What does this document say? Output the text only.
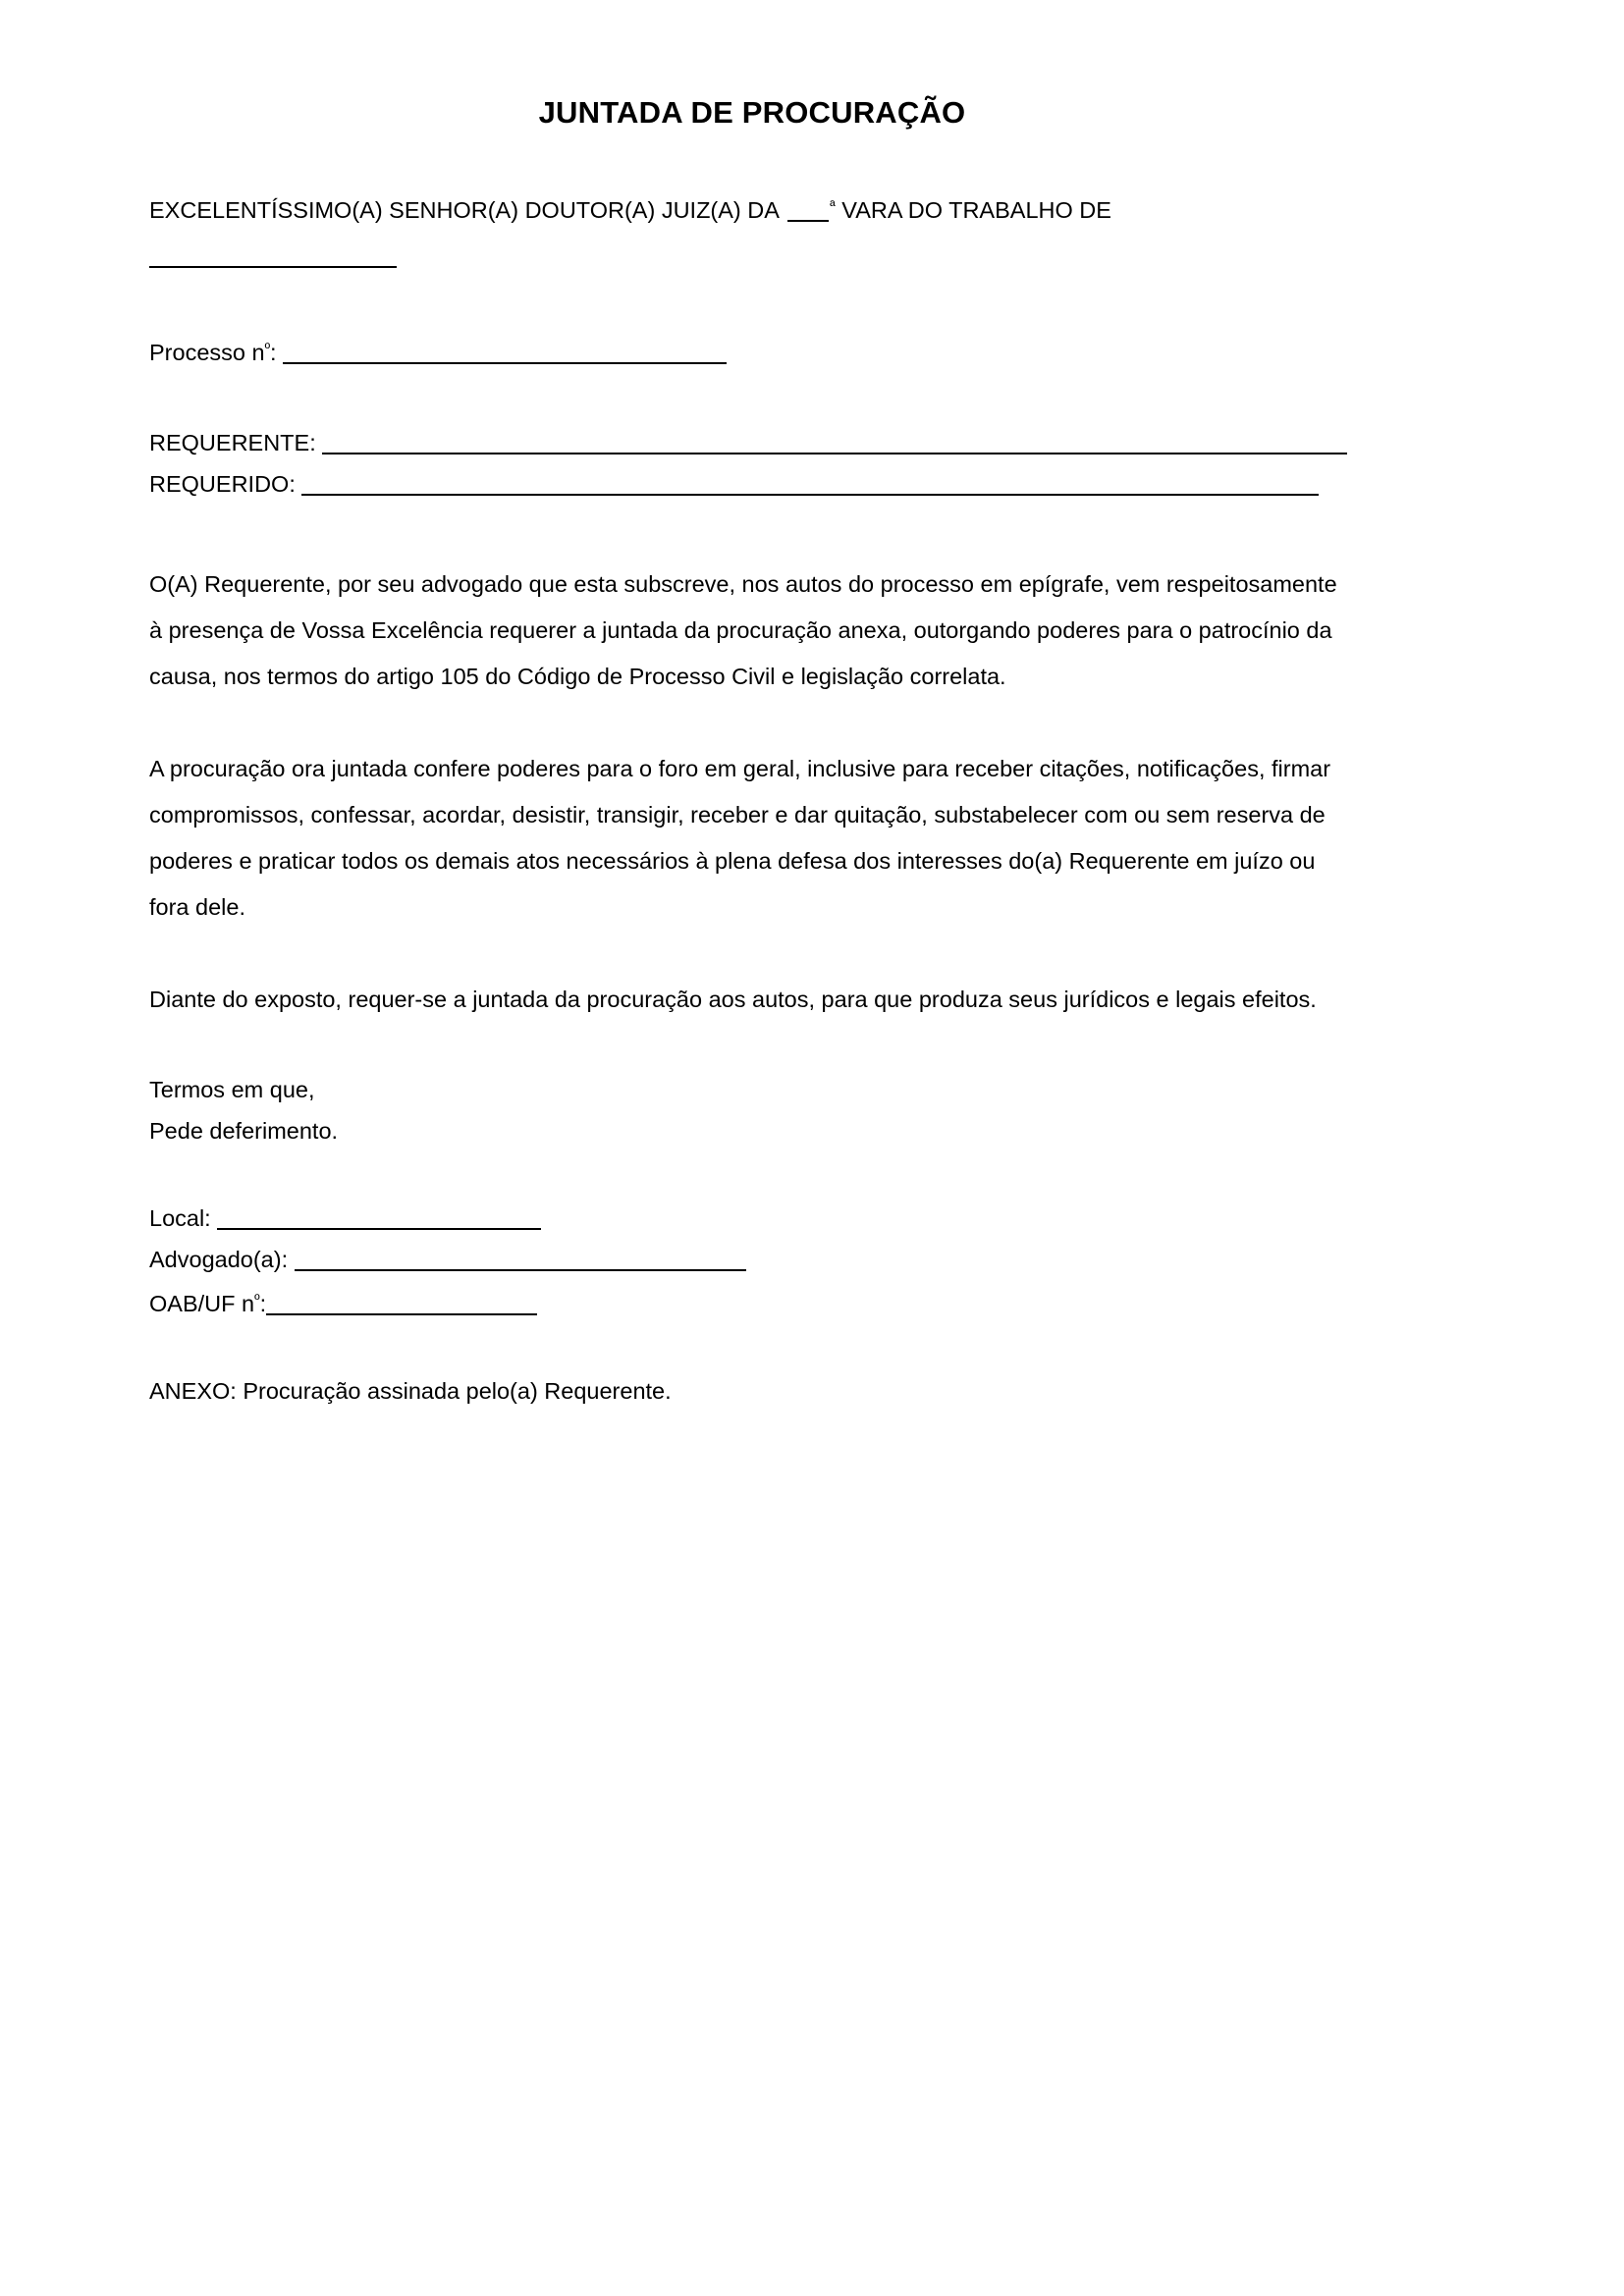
JUNTADA DE PROCURAÇÃO

EXCELENTÍSSIMO(A) SENHOR(A) DOUTOR(A) JUIZ(A) DA	$^ª$ VARA DO TRABALHO DE

Processo $n^º$:

REQUERENTE:

REQUERIDO:

O(A) Requerente, por seu advogado que esta subscreve, nos autos do processo em epígrafe, vem respeitosamente à presença de Vossa Excelência requerer a juntada da procuração anexa, outorgando poderes para o patrocínio da causa, nos termos do artigo 105 do Código de Processo Civil e legislação correlata.

A procuração ora juntada confere poderes para o foro em geral, inclusive para receber citações, notificações, firmar compromissos, confessar, acordar, desistir, transigir, receber e dar quitação, substabelecer com ou sem reserva de poderes e praticar todos os demais atos necessários à plena defesa dos interesses do(a) Requerente em juízo ou fora dele.

Diante do exposto, requer-se a juntada da procuração aos autos, para que produza seus jurídicos e legais efeitos.

Termos em que,

Pede deferimento.

Local:

Advogado(a):

OAB/UF $n^º$:

ANEXO: Procuração assinada pelo(a) Requerente.
